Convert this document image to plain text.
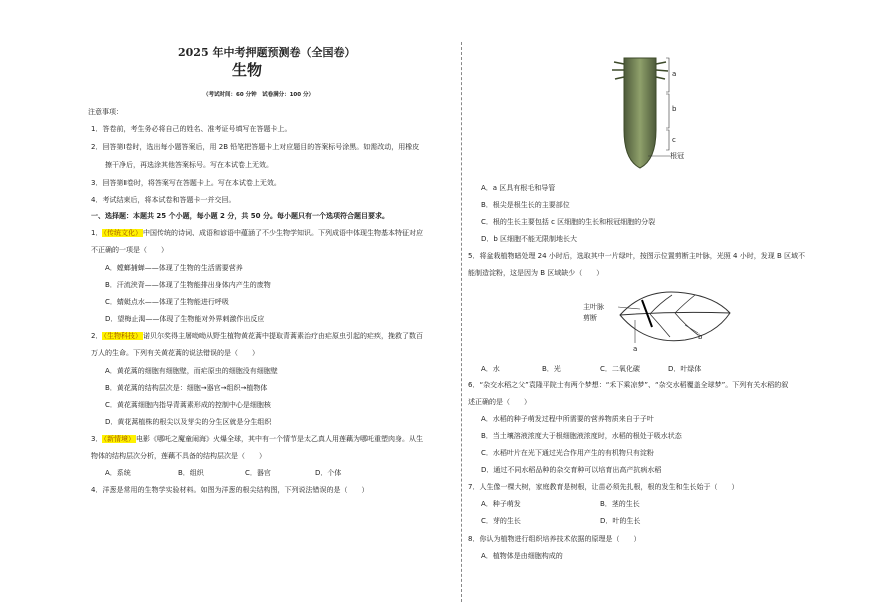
2025 年中考押题预测卷（全国卷）
生物
（考试时间：60 分钟　试卷满分：100 分）
注意事项：
1．答卷前，考生务必将自己的姓名、准考证号填写在答题卡上。
2．回答第Ⅰ卷时，选出每小题答案后，用 2B 铅笔把答题卡上对应题目的答案标号涂黑。如需改动，用橡皮
擦干净后，再选涂其他答案标号。写在本试卷上无效。
3．回答第Ⅱ卷时，将答案写在答题卡上。写在本试卷上无效。
4．考试结束后，将本试卷和答题卡一并交回。
一、选择题：本题共 25 个小题，每小题 2 分，共 50 分。每小题只有一个选项符合题目要求。
1．（传统文化）中国传统的诗词、成语和谚语中蕴涵了不少生物学知识。下列成语中体现生物基本特征对应
不正确的一项是（　　）
A．螳螂捕蝉——体现了生物的生活需要营养
B．汗流浃背——体现了生物能排出身体内产生的废物
C．蜻蜓点水——体现了生物能进行呼吸
D．望梅止渴——体现了生物能对外界刺激作出反应
2．（生物科技）诺贝尔奖得主屠呦呦从野生植物黄花蒿中提取青蒿素治疗由疟原虫引起的疟疾，挽救了数百
万人的生命。下列有关黄花蒿的说法错误的是（　　）
A．黄花蒿的细胞有细胞壁，而疟原虫的细胞没有细胞壁
B．黄花蒿的结构层次是：细胞→器官→组织→植物体
C．黄花蒿细胞内指导青蒿素形成的控制中心是细胞核
D．黄花蒿植株的根尖以及芽尖的分生区就是分生组织
3．（新情境）电影《哪吒之魔童闹海》火爆全球，其中有一个情节是太乙真人用莲藕为哪吒重塑肉身。从生
物体的结构层次分析，莲藕不具备的结构层次是（　　）
A．系统	B．组织	C．器官	D．个体
4．洋葱是常用的生物学实验材料。如图为洋葱的根尖结构图，下列说法错误的是（　　）
a
b
c
根冠
A．a 区具有根毛和导管
B．根尖是根生长的主要部位
C．根的生长主要包括 c 区细胞的生长和根冠细胞的分裂
D．b 区细胞不能无限制地长大
5．将盆栽植物暗处理 24 小时后，选取其中一片绿叶，按图示位置剪断主叶脉，光照 4 小时，发现 B 区域不
能制造淀粉，这是因为 B 区域缺少（　　）
主叶脉
剪断
a
b
A．水	B．光	C．二氧化碳	D．叶绿体
6．“杂交水稻之父”袁隆平院士有两个梦想：“禾下乘凉梦”、“杂交水稻覆盖全球梦”。下列有关水稻的叙
述正确的是（　　）
A．水稻的种子萌发过程中所需要的营养物质来自于子叶
B．当土壤溶液浓度大于根细胞液浓度时，水稻的根处于吸水状态
C．水稻叶片在光下通过光合作用产生的有机物只有淀粉
D．通过不同水稻品种的杂交育种可以培育出高产抗病水稻
7．人生像一棵大树，家庭教育是树根，让苗必须先扎根，根的发生和生长始于（　　）
A．种子萌发	B．茎的生长
C．芽的生长	D．叶的生长
8．你认为植物进行组织培养技术依据的原理是（　　）
A．植物体是由细胞构成的
